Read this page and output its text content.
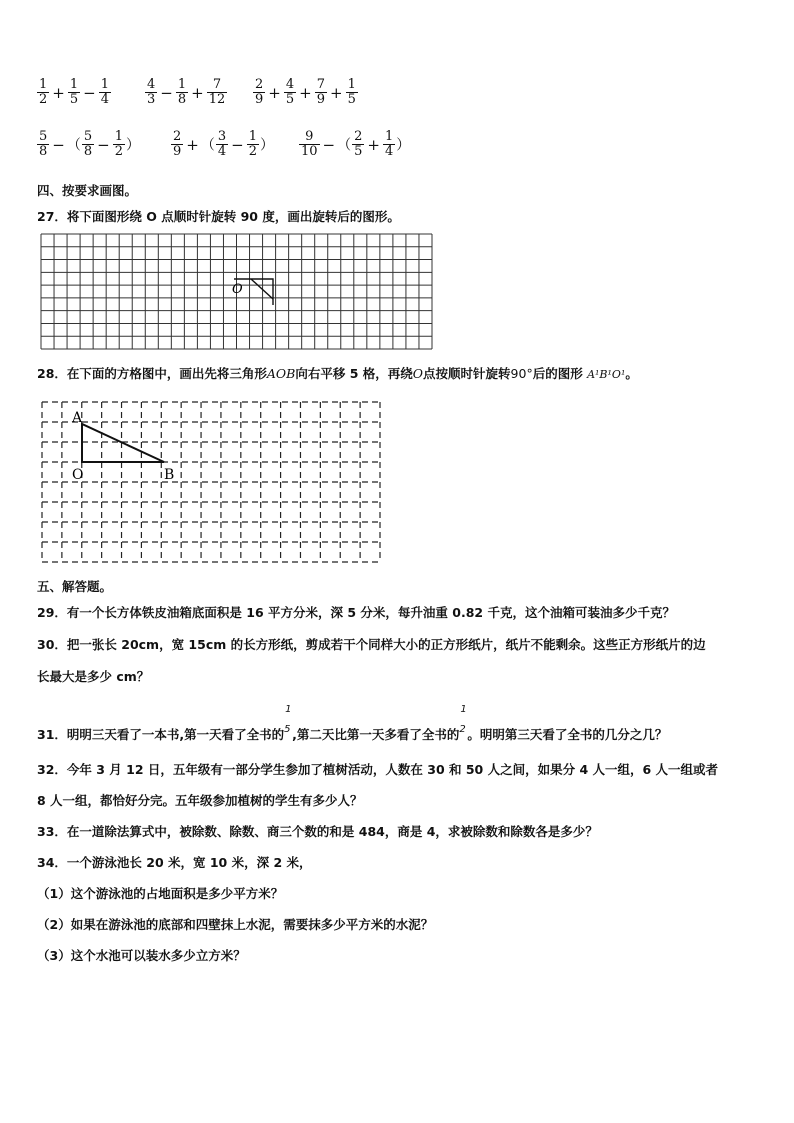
$\frac{1}{2} + \frac{1}{5} - \frac{1}{4}$	$\frac{4}{3} - \frac{1}{8} + \frac{7}{12} \frac{2}{9} + \frac{4}{5} + \frac{7}{9} + \frac{1}{5}$
$\frac{5}{8}$ − （ $\frac{5}{8} - \frac{1}{2}$ ） $\frac{2}{9}$ + （ $\frac{3}{4} - \frac{1}{2}$ ） $\frac{9}{10}$ − （ $\frac{2}{5} + \frac{1}{4}$ ）
四、按要求画图。
27．将下面图形绕 O 点顺时针旋转 90 度，画出旋转后的图形。
O
28．在下面的方格图中，画出先将三角形AOB向右平移 5 格，再绕O点按顺时针旋转90°后的图形 A¹B¹O¹。
A
O	B
五、解答题。
29．有一个长方体铁皮油箱底面积是 16 平方分米，深 5 分米，每升油重 0.82 千克，这个油箱可装油多少千克？
30．把一张长 20cm，宽 15cm 的长方形纸，剪成若干个同样大小的正方形纸片，纸片不能剩余。这些正方形纸片的边
长最大是多少 cm？
31．明明三天看了一本书,第一天看了全书的
1
5 ,第二天比第一天多看了全书的
1
2 。明明第三天看了全书的几分之几？
32．今年 3 月 12 日，五年级有一部分学生参加了植树活动，人数在 30 和 50 人之间，如果分 4 人一组，6 人一组或者
8 人一组，都恰好分完。五年级参加植树的学生有多少人？
33．在一道除法算式中，被除数、除数、商三个数的和是 484，商是 4，求被除数和除数各是多少？
34．一个游泳池长 20 米，宽 10 米，深 2 米，
（1）这个游泳池的占地面积是多少平方米？
（2）如果在游泳池的底部和四壁抹上水泥，需要抹多少平方米的水泥？
（3）这个水池可以装水多少立方米？
